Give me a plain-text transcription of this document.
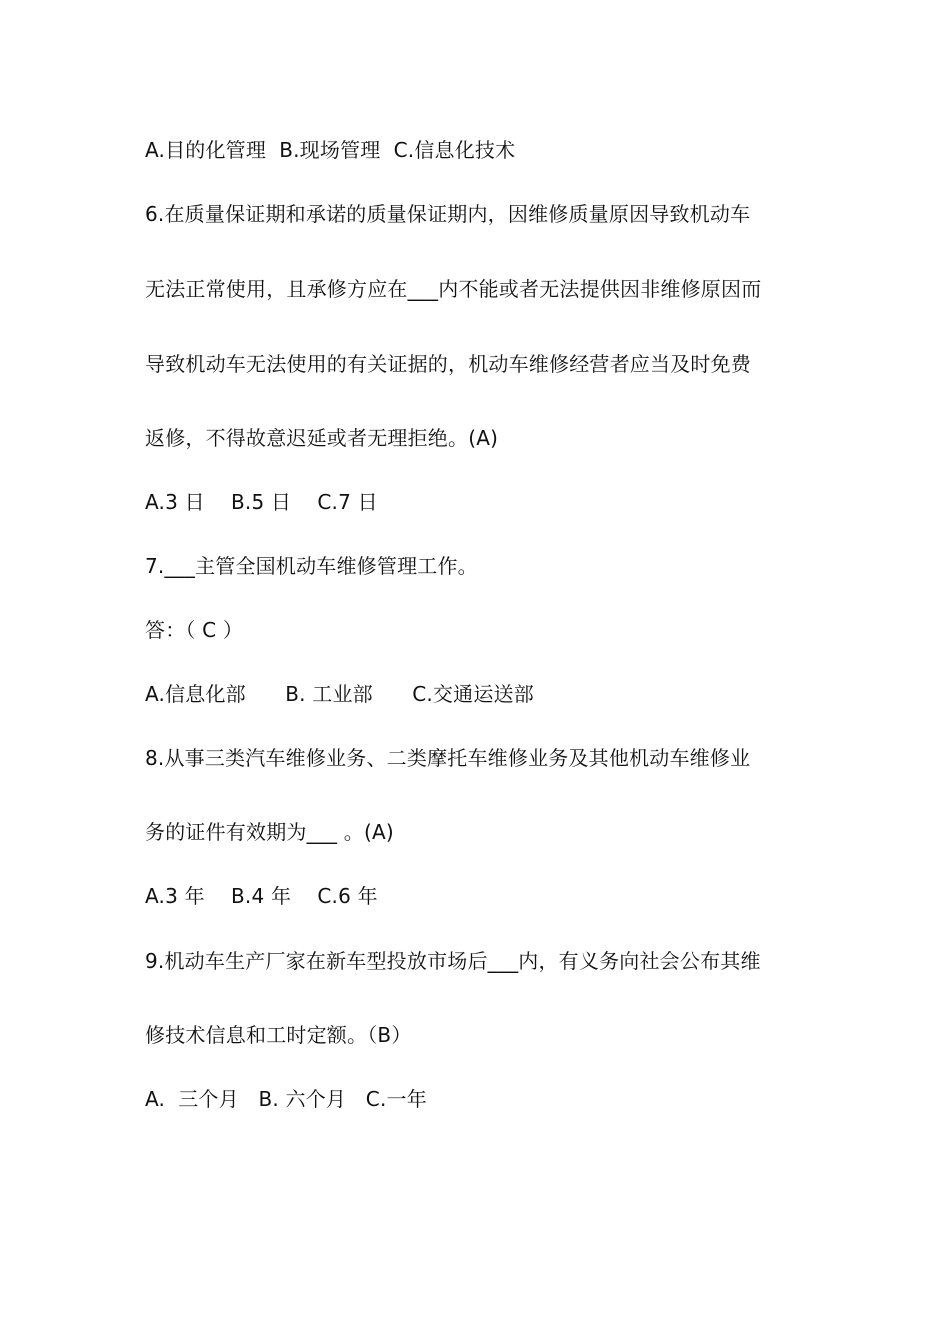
A.目的化管理  B.现场管理  C.信息化技术
6.在质量保证期和承诺的质量保证期内，因维修质量原因导致机动车
无法正常使用，且承修方应在___内不能或者无法提供因非维修原因而
导致机动车无法使用的有关证据的，机动车维修经营者应当及时免费
返修，不得故意迟延或者无理拒绝。(A)
A.3 日    B.5 日    C.7 日
7.___主管全国机动车维修管理工作。
答：（ C ）
A.信息化部      B. 工业部      C.交通运送部
8.从事三类汽车维修业务、二类摩托车维修业务及其他机动车维修业
务的证件有效期为___ 。(A)
A.3 年    B.4 年    C.6 年
9.机动车生产厂家在新车型投放市场后___内，有义务向社会公布其维
修技术信息和工时定额。（B）
A.  三个月   B. 六个月   C.一年
